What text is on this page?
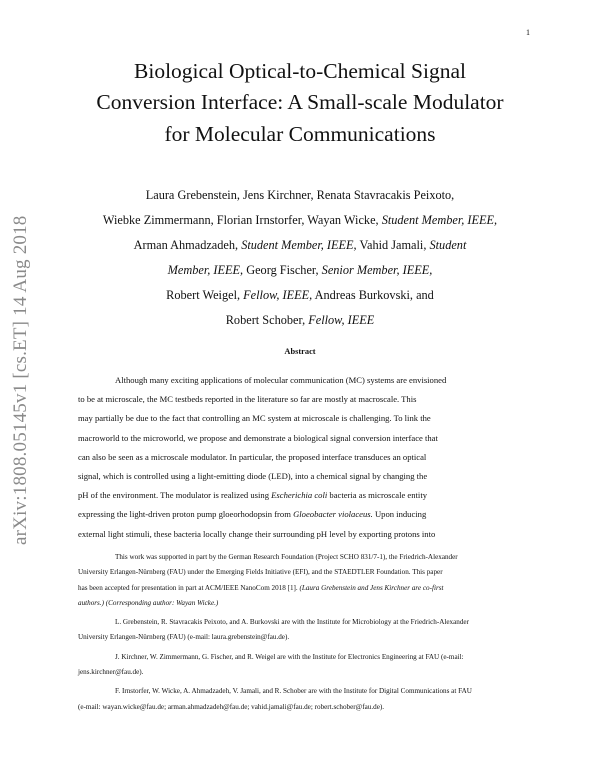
1
arXiv:1808.05145v1 [cs.ET] 14 Aug 2018
Biological Optical-to-Chemical Signal
Conversion Interface: A Small-scale Modulator
for Molecular Communications
Laura Grebenstein, Jens Kirchner, Renata Stavracakis Peixoto,
Wiebke Zimmermann, Florian Irnstorfer, Wayan Wicke, Student Member, IEEE,
Arman Ahmadzadeh, Student Member, IEEE, Vahid Jamali, Student
Member, IEEE, Georg Fischer, Senior Member, IEEE,
Robert Weigel, Fellow, IEEE, Andreas Burkovski, and
Robert Schober, Fellow, IEEE
Abstract
Although many exciting applications of molecular communication (MC) systems are envisioned
to be at microscale, the MC testbeds reported in the literature so far are mostly at macroscale. This
may partially be due to the fact that controlling an MC system at microscale is challenging. To link the
macroworld to the microworld, we propose and demonstrate a biological signal conversion interface that
can also be seen as a microscale modulator. In particular, the proposed interface transduces an optical
signal, which is controlled using a light-emitting diode (LED), into a chemical signal by changing the
pH of the environment. The modulator is realized using Escherichia coli bacteria as microscale entity
expressing the light-driven proton pump gloeorhodopsin from Gloeobacter violaceus. Upon inducing
external light stimuli, these bacteria locally change their surrounding pH level by exporting protons into
This work was supported in part by the German Research Foundation (Project SCHO 831/7-1), the Friedrich-Alexander
University Erlangen-Nürnberg (FAU) under the Emerging Fields Initiative (EFI), and the STAEDTLER Foundation. This paper
has been accepted for presentation in part at ACM/IEEE NanoCom 2018 [1]. (Laura Grebenstein and Jens Kirchner are co-first
authors.) (Corresponding author: Wayan Wicke.)
L. Grebenstein, R. Stavracakis Peixoto, and A. Burkovski are with the Institute for Microbiology at the Friedrich-Alexander
University Erlangen-Nürnberg (FAU) (e-mail: laura.grebenstein@fau.de).
J. Kirchner, W. Zimmermann, G. Fischer, and R. Weigel are with the Institute for Electronics Engineering at FAU (e-mail:
jens.kirchner@fau.de).
F. Irnstorfer, W. Wicke, A. Ahmadzadeh, V. Jamali, and R. Schober are with the Institute for Digital Communications at FAU
(e-mail: wayan.wicke@fau.de; arman.ahmadzadeh@fau.de; vahid.jamali@fau.de; robert.schober@fau.de).
